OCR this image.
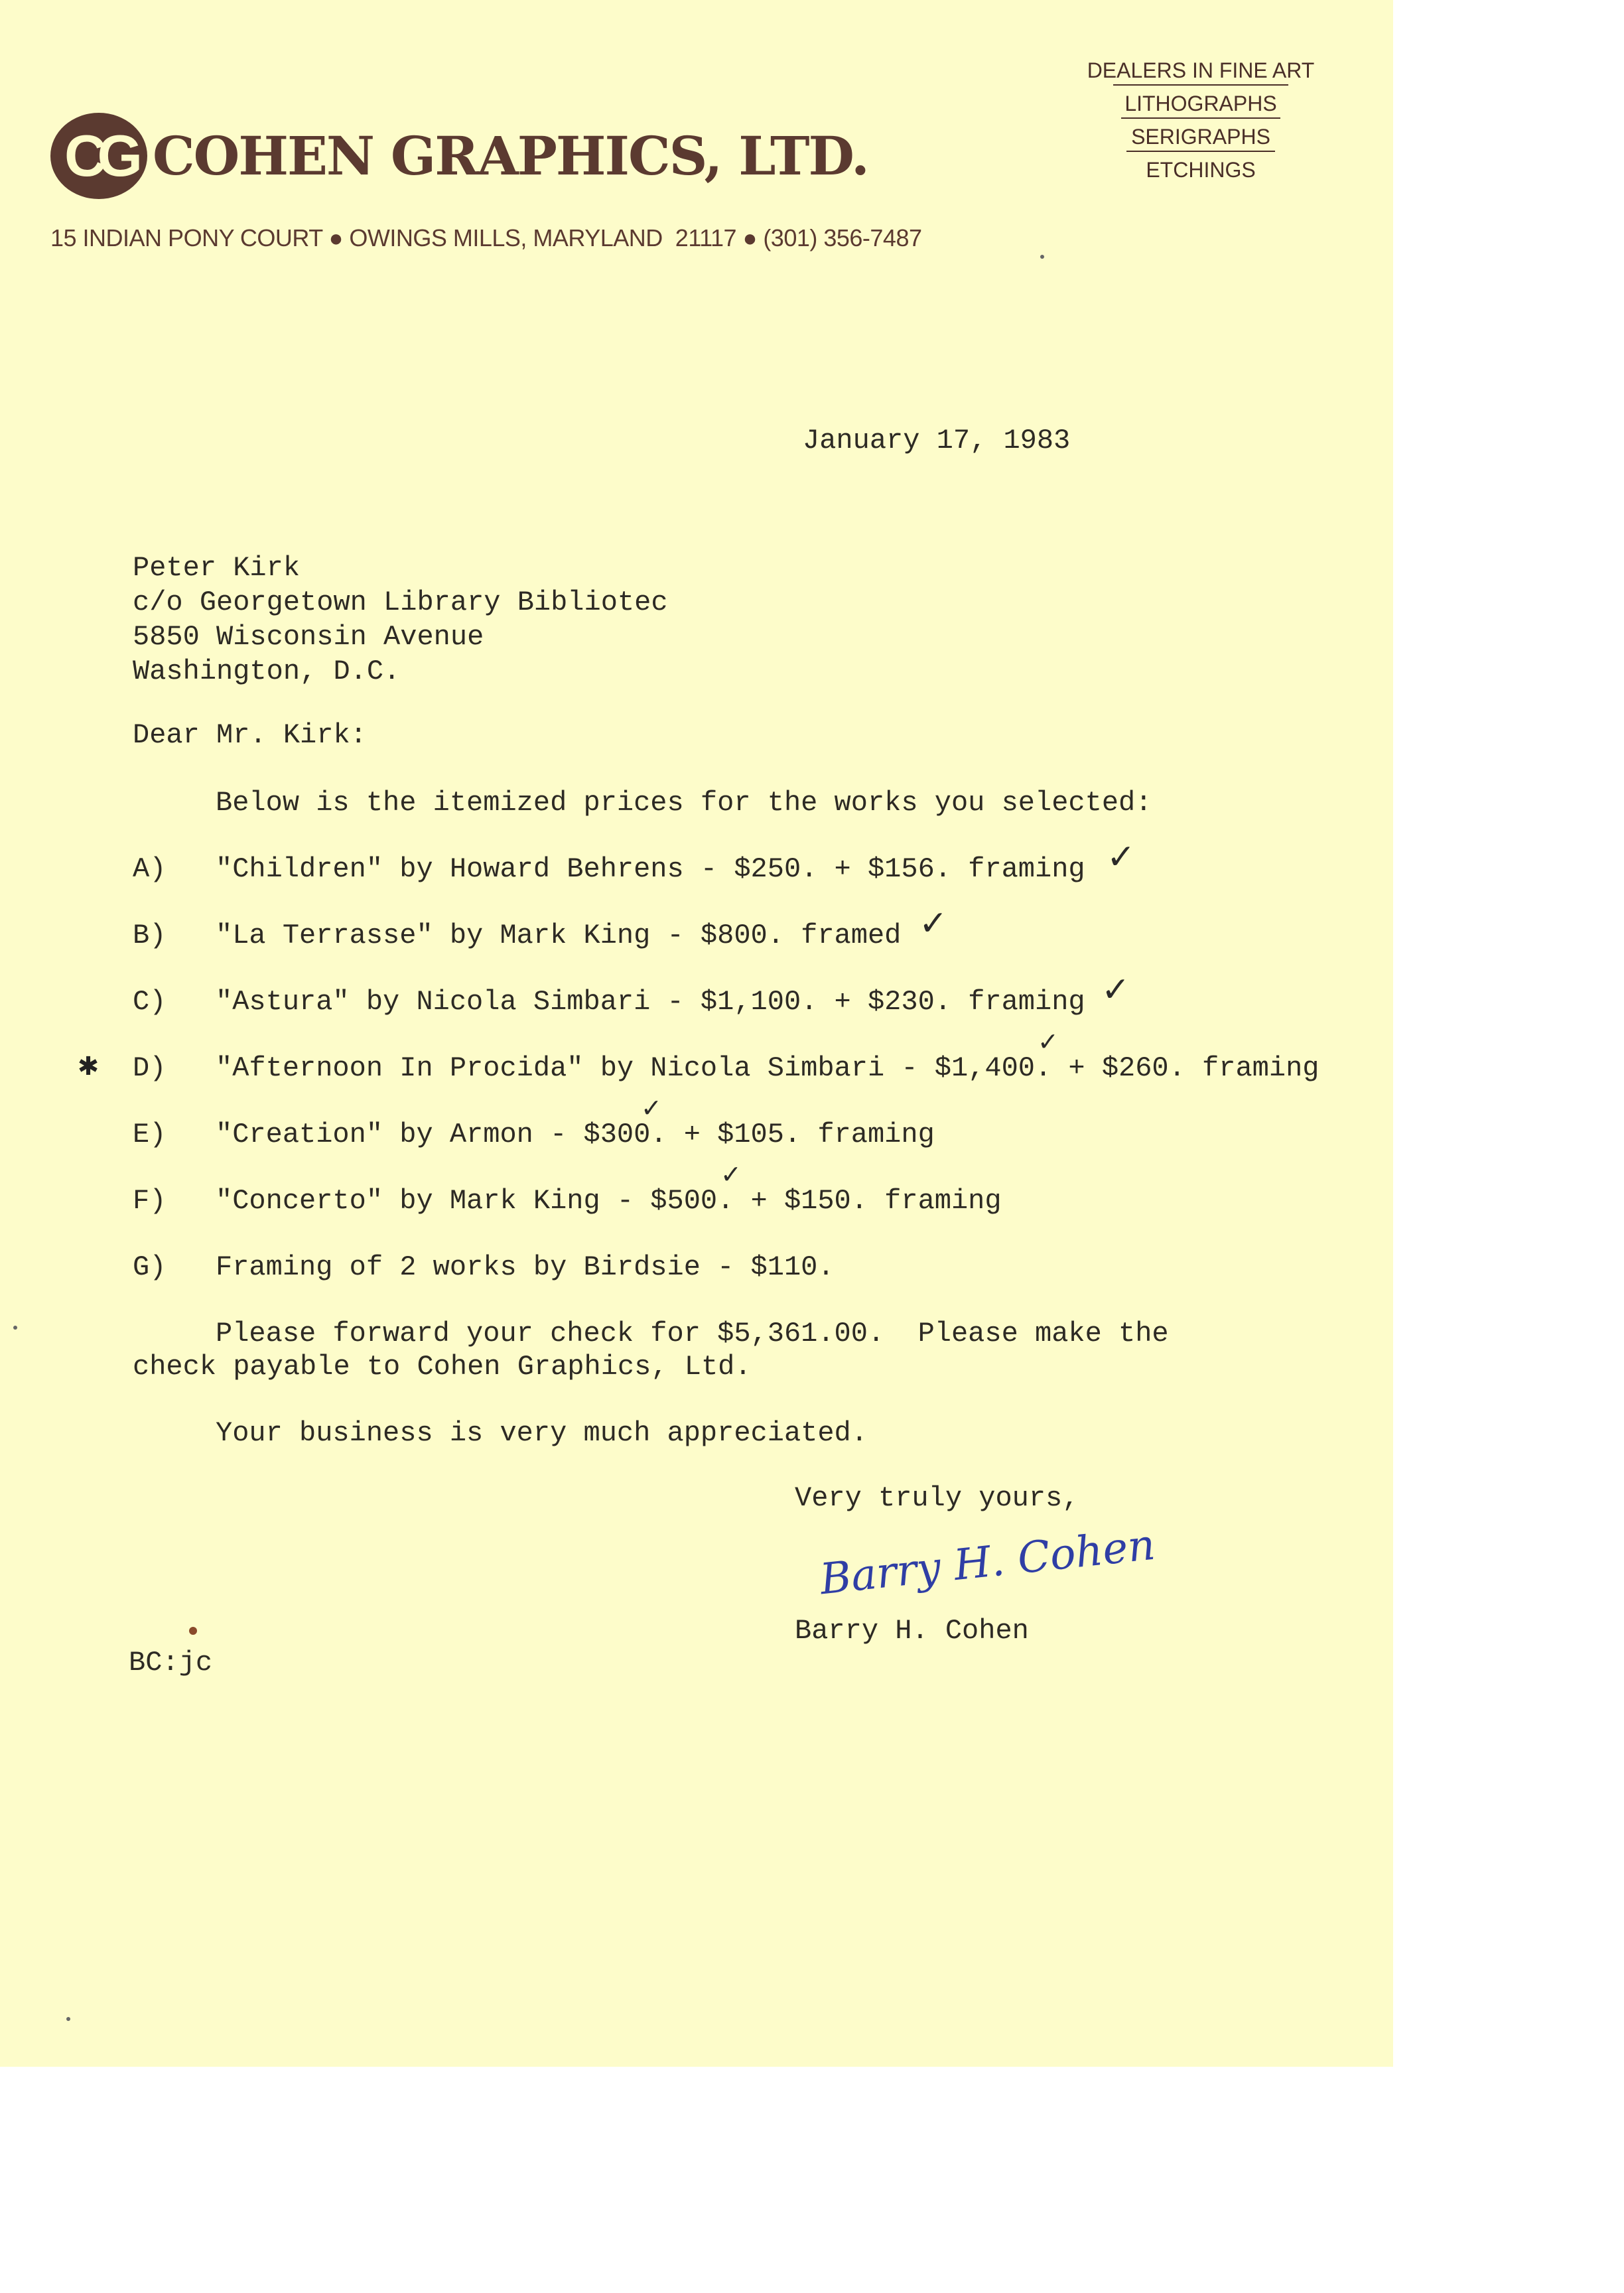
CG COHEN GRAPHICS, LTD.
15 INDIAN PONY COURT ● OWINGS MILLS, MARYLAND  21117 ● (301) 356-7487
DEALERS IN FINE ART
LITHOGRAPHS
SERIGRAPHS
ETCHINGS
January 17, 1983
Peter Kirk
c/o Georgetown Library Bibliotec
5850 Wisconsin Avenue
Washington, D.C.
Dear Mr. Kirk:
Below is the itemized prices for the works you selected:
A) "Children" by Howard Behrens - $250. + $156. framing ✓
B) "La Terrasse" by Mark King - $800. framed ✓
C) "Astura" by Nicola Simbari - $1,100. + $230. framing ✓
✱ D) "Afternoon In Procida" by Nicola Simbari - $1,400. + $260. framing
✓
E) "Creation" by Armon - $300. + $105. framing
✓
F) "Concerto" by Mark King - $500. + $150. framing
✓
G) Framing of 2 works by Birdsie - $110.
Please forward your check for $5,361.00.  Please make the
check payable to Cohen Graphics, Ltd.
Your business is very much appreciated.
Very truly yours,
Barry H. Cohen
Barry H. Cohen
BC:jc
